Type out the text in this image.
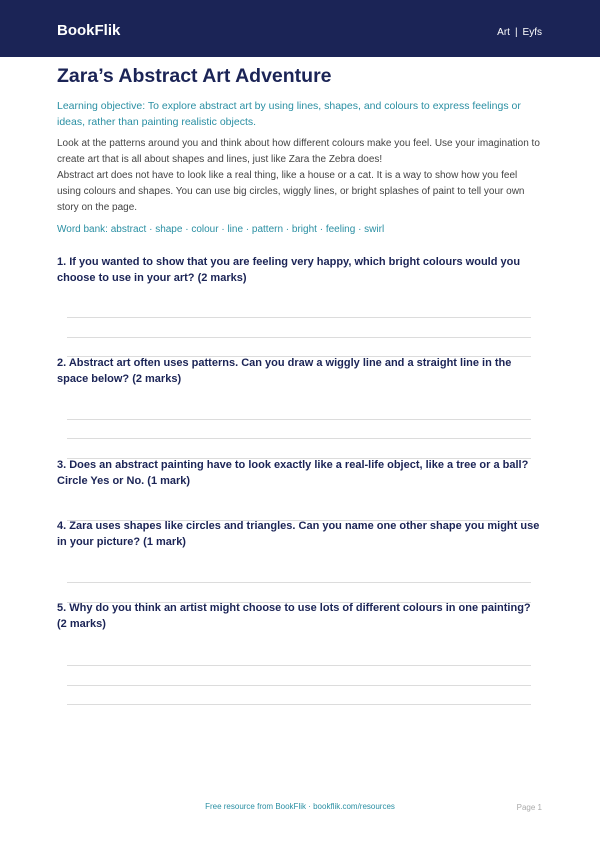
BookFlik	Art | Eyfs
Zara’s Abstract Art Adventure
Learning objective: To explore abstract art by using lines, shapes, and colours to express feelings or ideas, rather than painting realistic objects.
Look at the patterns around you and think about how different colours make you feel. Use your imagination to create art that is all about shapes and lines, just like Zara the Zebra does!
Abstract art does not have to look like a real thing, like a house or a cat. It is a way to show how you feel using colours and shapes. You can use big circles, wiggly lines, or bright splashes of paint to tell your own story on the page.
Word bank: abstract · shape · colour · line · pattern · bright · feeling · swirl
1. If you wanted to show that you are feeling very happy, which bright colours would you choose to use in your art? (2 marks)
2. Abstract art often uses patterns. Can you draw a wiggly line and a straight line in the space below? (2 marks)
3. Does an abstract painting have to look exactly like a real-life object, like a tree or a ball? Circle Yes or No. (1 mark)
4. Zara uses shapes like circles and triangles. Can you name one other shape you might use in your picture? (1 mark)
5. Why do you think an artist might choose to use lots of different colours in one painting? (2 marks)
Free resource from BookFlik · bookflik.com/resources	Page 1
